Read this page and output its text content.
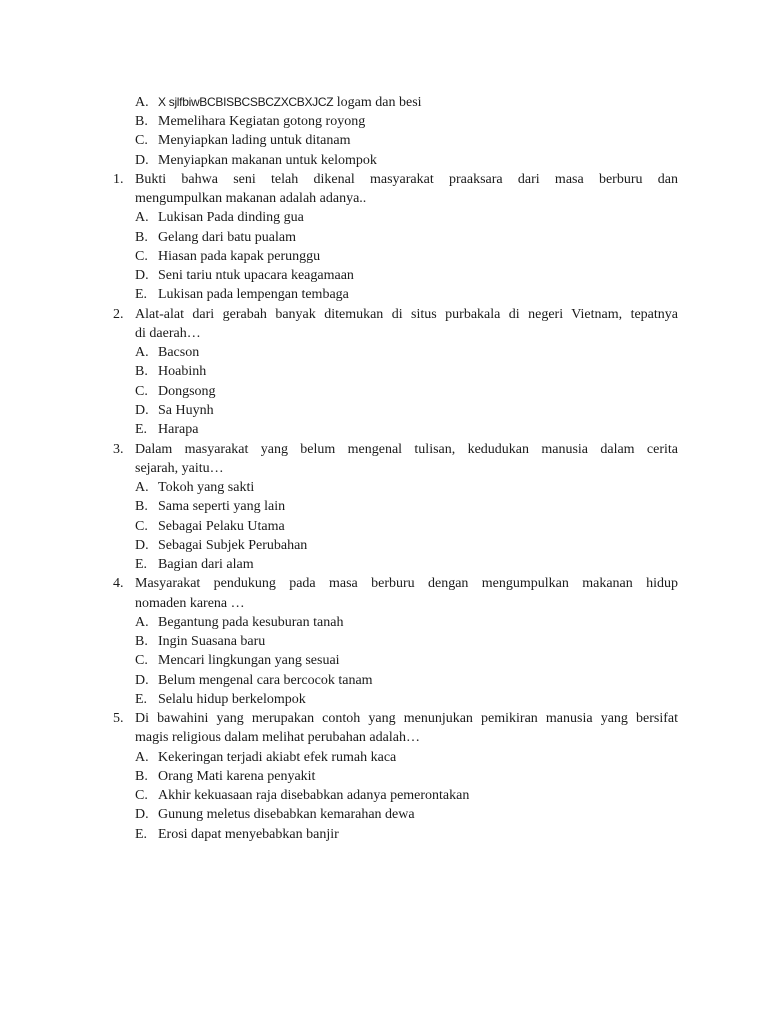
A. X sjlfbiwBCBISBCSBCZXCBXJCZ logam dan besi
B. Memelihara Kegiatan gotong royong
C. Menyiapkan lading untuk ditanam
D. Menyiapkan makanan untuk kelompok
1. Bukti bahwa seni telah dikenal masyarakat praaksara dari masa berburu dan
mengumpulkan makanan adalah adanya..
A. Lukisan Pada dinding gua
B. Gelang dari batu pualam
C. Hiasan pada kapak perunggu
D. Seni tariu ntuk upacara keagamaan
E. Lukisan pada lempengan tembaga
2. Alat-alat dari gerabah banyak ditemukan di situs purbakala di negeri Vietnam, tepatnya
di daerah…
A. Bacson
B. Hoabinh
C. Dongsong
D. Sa Huynh
E. Harapa
3. Dalam masyarakat yang belum mengenal tulisan, kedudukan manusia dalam cerita
sejarah, yaitu…
A. Tokoh yang sakti
B. Sama seperti yang lain
C. Sebagai Pelaku Utama
D. Sebagai Subjek Perubahan
E. Bagian dari alam
4. Masyarakat pendukung pada masa berburu dengan mengumpulkan makanan hidup
nomaden karena …
A. Begantung pada kesuburan tanah
B. Ingin Suasana baru
C. Mencari lingkungan yang sesuai
D. Belum mengenal cara bercocok tanam
E. Selalu hidup berkelompok
5. Di bawahini yang merupakan contoh yang menunjukan pemikiran manusia yang bersifat
magis religious dalam melihat perubahan adalah…
A. Kekeringan terjadi akiabt efek rumah kaca
B. Orang Mati karena penyakit
C. Akhir kekuasaan raja disebabkan adanya pemerontakan
D. Gunung meletus disebabkan kemarahan dewa
E. Erosi dapat menyebabkan banjir
